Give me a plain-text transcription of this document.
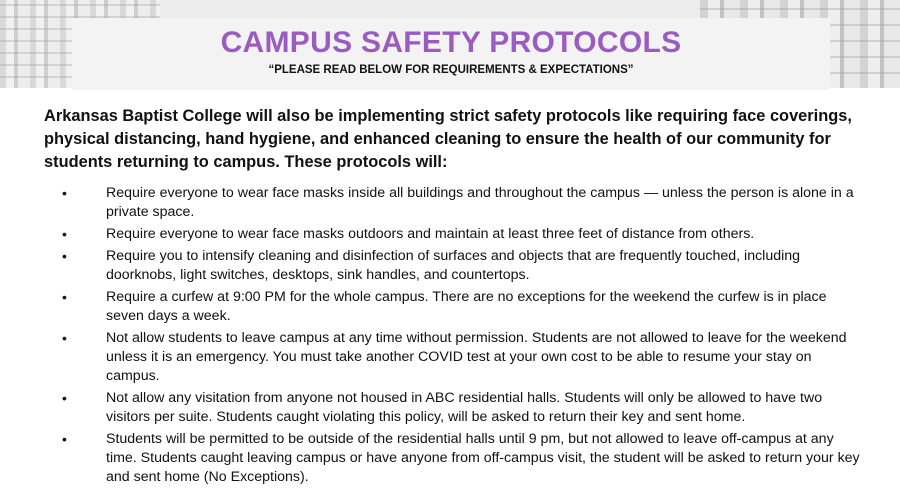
CAMPUS SAFETY PROTOCOLS

“PLEASE READ BELOW FOR REQUIREMENTS & EXPECTATIONS”

Arkansas Baptist College will also be implementing strict safety protocols like requiring face coverings, physical distancing, hand hygiene, and enhanced cleaning to ensure the health of our community for students returning to campus. These protocols will:

•	Require everyone to wear face masks inside all buildings and throughout the campus — unless the person is alone in a private space.
•	Require everyone to wear face masks outdoors and maintain at least three feet of distance from others.
•	Require you to intensify cleaning and disinfection of surfaces and objects that are frequently touched, including doorknobs, light switches, desktops, sink handles, and countertops.
•	Require a curfew at 9:00 PM for the whole campus. There are no exceptions for the weekend the curfew is in place seven days a week.
•	Not allow students to leave campus at any time without permission. Students are not allowed to leave for the weekend unless it is an emergency. You must take another COVID test at your own cost to be able to resume your stay on campus.
•	Not allow any visitation from anyone not housed in ABC residential halls. Students will only be allowed to have two visitors per suite. Students caught violating this policy, will be asked to return their key and sent home.
•	Students will be permitted to be outside of the residential halls until 9 pm, but not allowed to leave off-campus at any time. Students caught leaving campus or have anyone from off-campus visit, the student will be asked to return your key and sent home (No Exceptions).
